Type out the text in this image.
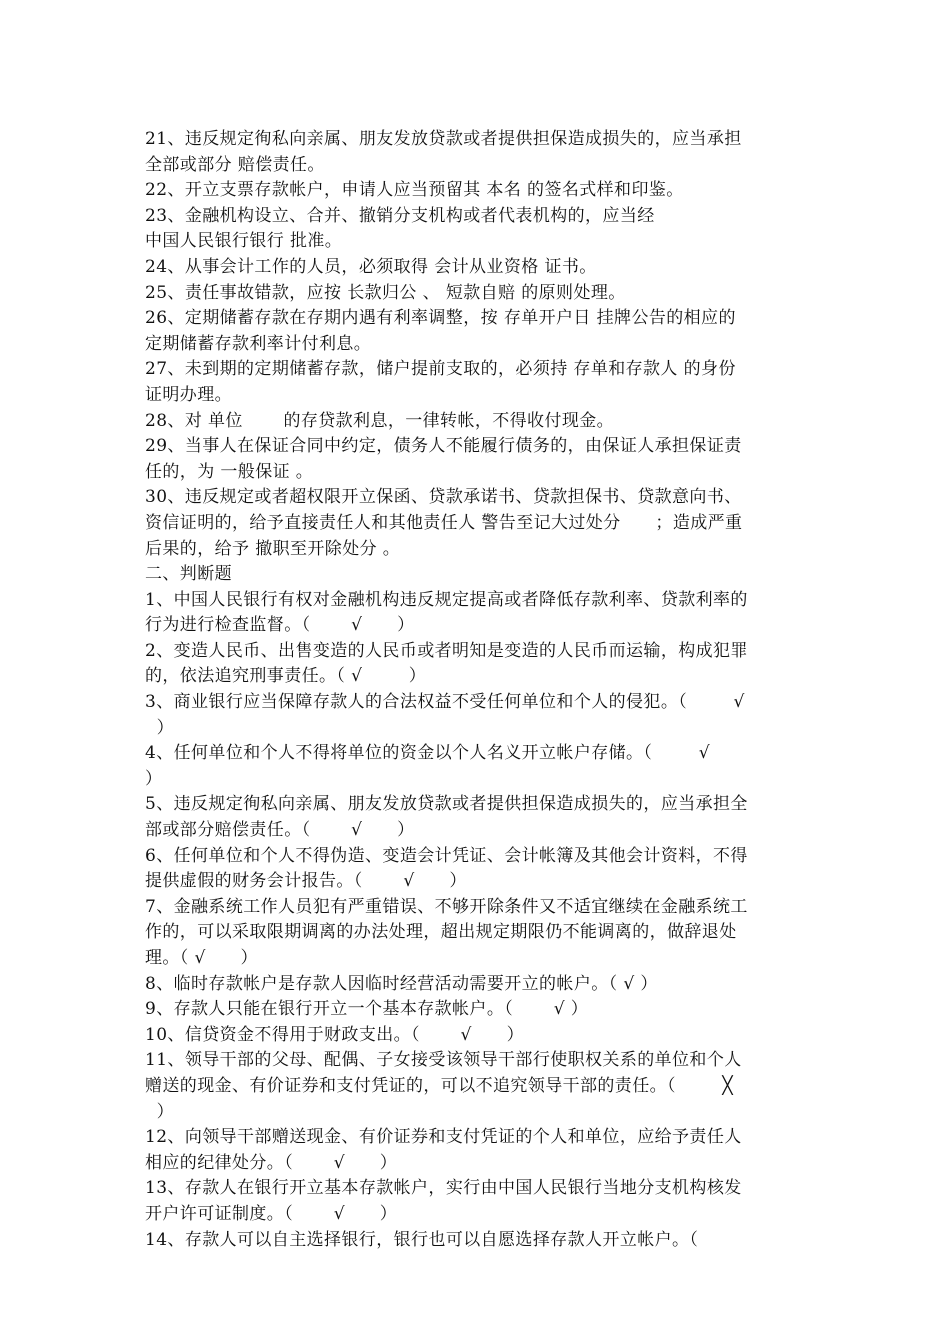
21、违反规定徇私向亲属、朋友发放贷款或者提供担保造成损失的，应当承担
全部或部分 赔偿责任。
22、开立支票存款帐户，申请人应当预留其 本名 的签名式样和印鉴。
23、金融机构设立、合并、撤销分支机构或者代表机构的，应当经
中国人民银行银行 批准。
24、从事会计工作的人员，必须取得 会计从业资格 证书。
25、责任事故错款，应按 长款归公 、 短款自赔 的原则处理。
26、定期储蓄存款在存期内遇有利率调整，按 存单开户日 挂牌公告的相应的
定期储蓄存款利率计付利息。
27、未到期的定期储蓄存款，储户提前支取的，必须持 存单和存款人 的身份
证明办理。
28、对 单位       的存贷款利息，一律转帐，不得收付现金。
29、当事人在保证合同中约定，债务人不能履行债务的，由保证人承担保证责
任的，为 一般保证 。
30、违反规定或者超权限开立保函、贷款承诺书、贷款担保书、贷款意向书、
资信证明的，给予直接责任人和其他责任人 警告至记大过处分      ；造成严重
后果的，给予 撤职至开除处分 。
二、判断题
1、中国人民银行有权对金融机构违反规定提高或者降低存款利率、贷款利率的
行为进行检查监督。（       √      ）
2、变造人民币、出售变造的人民币或者明知是变造的人民币而运输，构成犯罪
的，依法追究刑事责任。（ √        ）
3、商业银行应当保障存款人的合法权益不受任何单位和个人的侵犯。（        √
）
4、任何单位和个人不得将单位的资金以个人名义开立帐户存储。（        √
）
5、违反规定徇私向亲属、朋友发放贷款或者提供担保造成损失的，应当承担全
部或部分赔偿责任。（       √      ）
6、任何单位和个人不得伪造、变造会计凭证、会计帐簿及其他会计资料，不得
提供虚假的财务会计报告。（       √      ）
7、金融系统工作人员犯有严重错误、不够开除条件又不适宜继续在金融系统工
作的，可以采取限期调离的办法处理，超出规定期限仍不能调离的，做辞退处
理。（ √      ）
8、临时存款帐户是存款人因临时经营活动需要开立的帐户。（ √ ）
9、存款人只能在银行开立一个基本存款帐户。（       √ ）
10、信贷资金不得用于财政支出。（       √      ）
11、领导干部的父母、配偶、子女接受该领导干部行使职权关系的单位和个人
赠送的现金、有价证券和支付凭证的，可以不追究领导干部的责任。（        ╳
）
12、向领导干部赠送现金、有价证券和支付凭证的个人和单位，应给予责任人
相应的纪律处分。（       √      ）
13、存款人在银行开立基本存款帐户，实行由中国人民银行当地分支机构核发
开户许可证制度。（       √      ）
14、存款人可以自主选择银行，银行也可以自愿选择存款人开立帐户。（
